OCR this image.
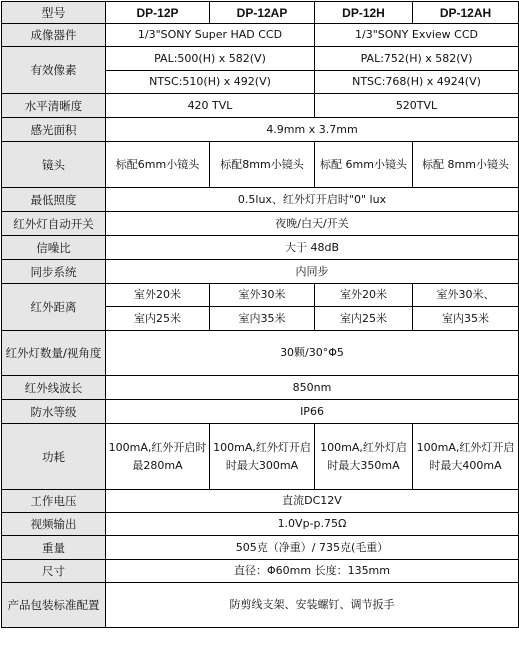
型号	DP-12P	DP-12AP	DP-12H	DP-12AH
成像器件	1/3"SONY Super HAD CCD		1/3"SONY Exview CCD	
有效像素	PAL:500(H) x 582(V)		PAL:752(H) x 582(V)	
	NTSC:510(H) x 492(V)		NTSC:768(H) x 4924(V)	
水平清晰度	420 TVL		520TVL	
感光面积	4.9mm x 3.7mm			
镜头	标配6mm小镜头	标配8mm小镜头	标配 6mm小镜头	标配 8mm小镜头
最低照度	0.5lux、红外灯开启时"0" lux			
红外灯自动开关	夜晚/白天/开关			
信噪比	大于 48dB			
同步系统	内同步			
红外距离	室外20米	室外30米	室外20米	室外30米、
	室内25米	室内35米	室内25米	室内35米
红外灯数量/视角度	30颗/30°Φ5			
红外线波长	850nm			
防水等级	IP66			
功耗	100mA,红外开启时最280mA	100mA,红外灯开启时最大300mA	100mA,红外灯启时最大350mA	100mA,红外灯开启时最大400mA
工作电压	直流DC12V			
视频输出	1.0Vp-p.75Ω			
重量	505克（净重）/ 735克(毛重）			
尺寸	直径：Φ60mm 长度：135mm			
产品包装标准配置	防剪线支架、安装螺钉、调节扳手			
